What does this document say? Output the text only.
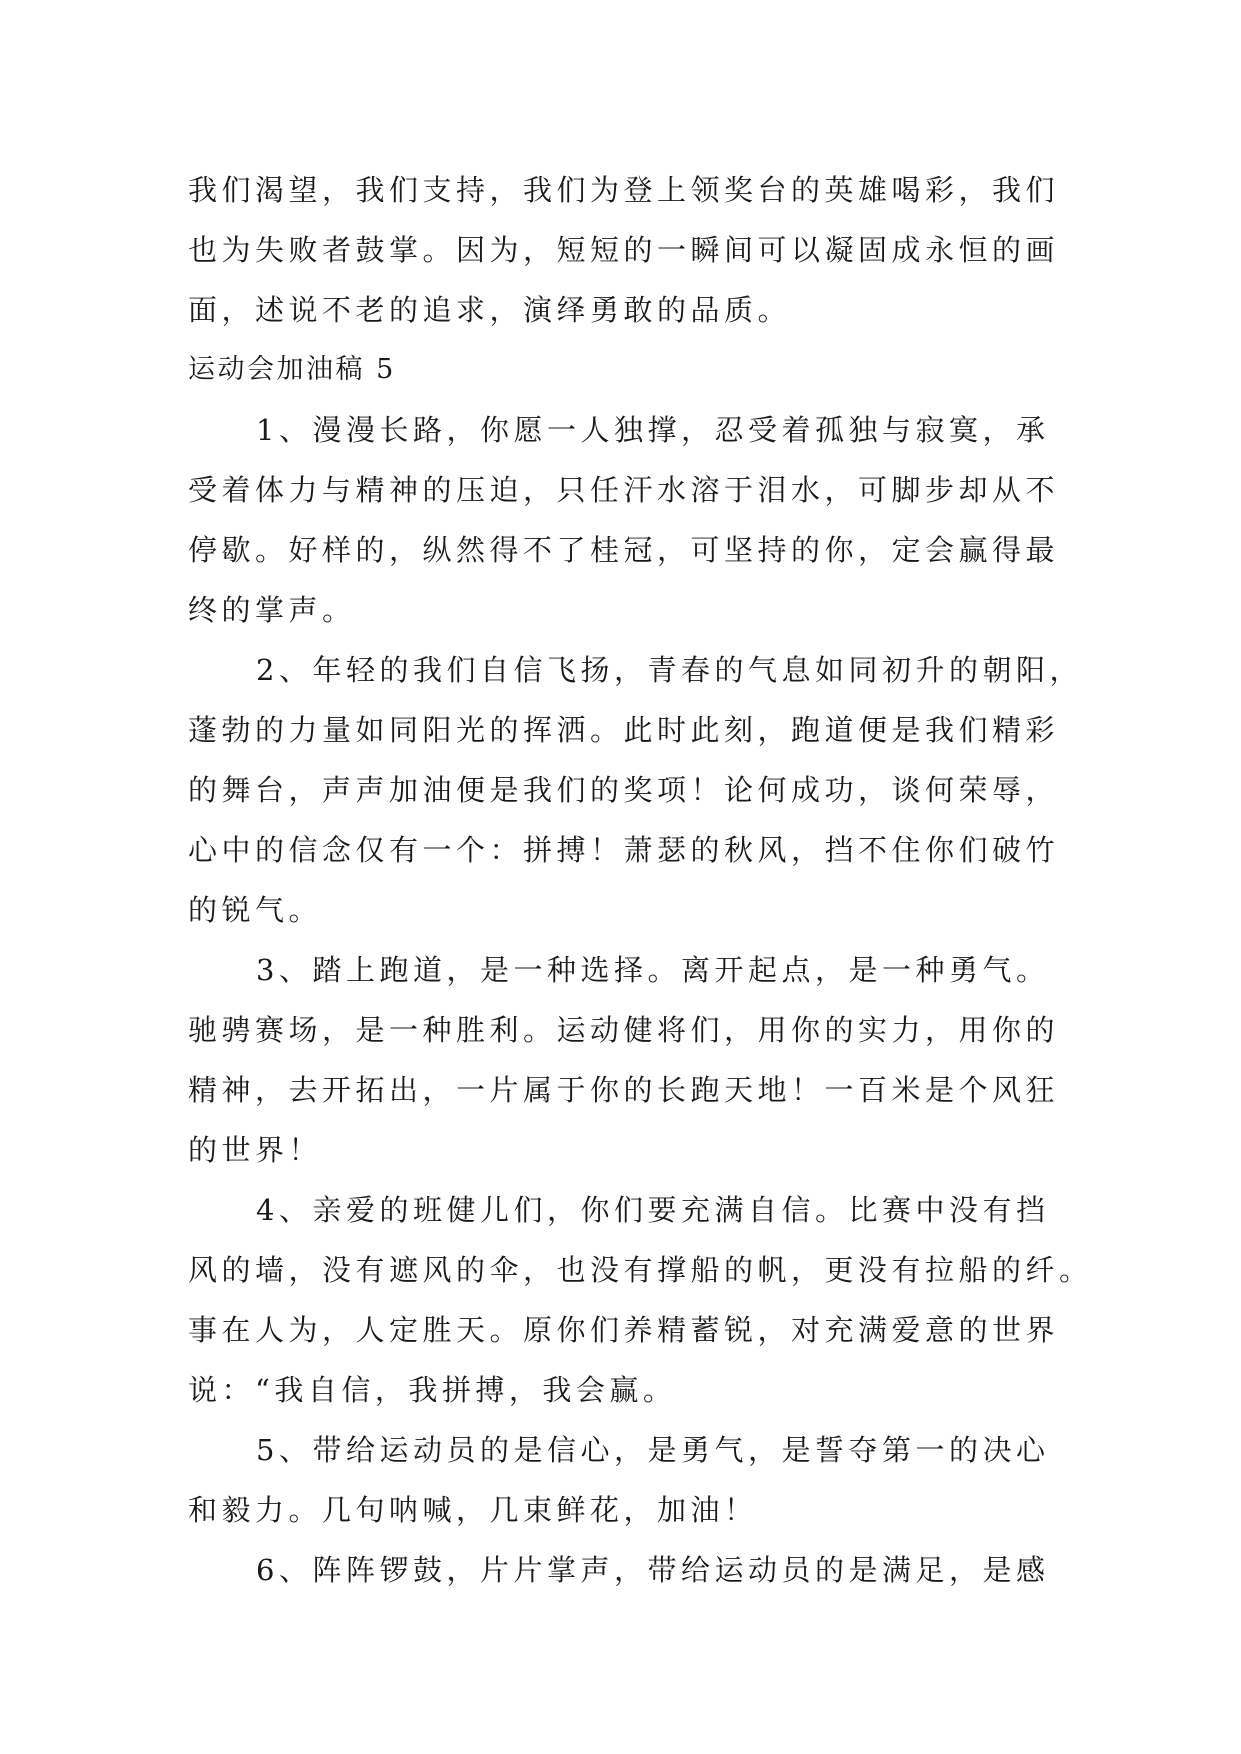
我们渴望，我们支持，我们为登上领奖台的英雄喝彩，我们
也为失败者鼓掌。因为，短短的一瞬间可以凝固成永恒的画
面，述说不老的追求，演绎勇敢的品质。
运动会加油稿 5
1、漫漫长路，你愿一人独撑，忍受着孤独与寂寞，承
受着体力与精神的压迫，只任汗水溶于泪水，可脚步却从不
停歇。好样的，纵然得不了桂冠，可坚持的你，定会赢得最
终的掌声。
2、年轻的我们自信飞扬，青春的气息如同初升的朝阳，
蓬勃的力量如同阳光的挥洒。此时此刻，跑道便是我们精彩
的舞台，声声加油便是我们的奖项！论何成功，谈何荣辱，
心中的信念仅有一个：拼搏！萧瑟的秋风，挡不住你们破竹
的锐气。
3、踏上跑道，是一种选择。离开起点，是一种勇气。
驰骋赛场，是一种胜利。运动健将们，用你的实力，用你的
精神，去开拓出，一片属于你的长跑天地！一百米是个风狂
的世界！
4、亲爱的班健儿们，你们要充满自信。比赛中没有挡
风的墙，没有遮风的伞，也没有撑船的帆，更没有拉船的纤。
事在人为，人定胜天。原你们养精蓄锐，对充满爱意的世界
说：“我自信，我拼搏，我会赢。
5、带给运动员的是信心，是勇气，是誓夺第一的决心
和毅力。几句呐喊，几束鲜花，加油！
6、阵阵锣鼓，片片掌声，带给运动员的是满足，是感
